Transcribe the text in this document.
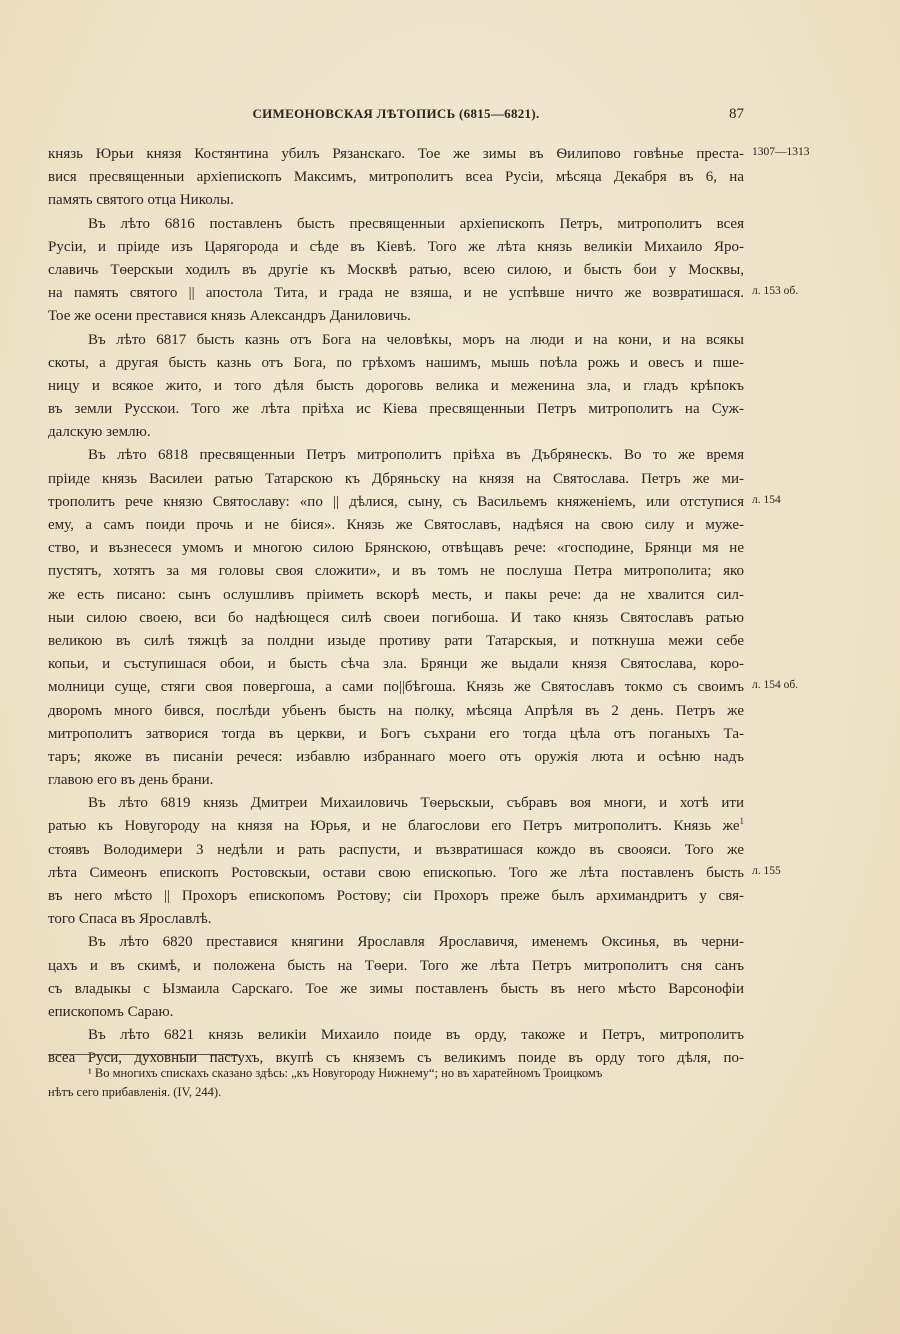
СИМЕОНОВСКАЯ ЛѢТОПИСЬ (6815—6821).	87
князь Юрьи князя Костянтина убилъ Рязанскаго. Тое же зимы въ Ѳилипово говѣнье преста-
вися пресвященныи архіепископъ Максимъ, митрополитъ всеа Русіи, мѣсяца Декабря въ 6, на
память святого отца Николы.
Въ лѣто 6816 поставленъ бысть пресвященныи архіепископъ Петръ, митрополитъ всея
Русіи, и пріиде изъ Царягорода и сѣде въ Кіевѣ. Того же лѣта князь великіи Михаило Яро-
славичь Тѳерскыи ходилъ въ другіе къ Москвѣ ратью, всею силою, и бысть бои у Москвы,
на память святого || апостола Тита, и града не взяша, и не успѣвше ничто же возвратишася.
Тое же осени преставися князь Александръ Даниловичь.
Въ лѣто 6817 бысть казнь отъ Бога на человѣкы, моръ на люди и на кони, и на всякы
скоты, а другая бысть казнь отъ Бога, по грѣхомъ нашимъ, мышь поѣла рожь и овесъ и пше-
ницу и всякое жито, и того дѣля бысть дороговь велика и меженина зла, и гладъ крѣпокъ
въ земли Русскои. Того же лѣта пріѣха ис Кіева пресвященныи Петръ митрополитъ на Суж-
далскую землю.
Въ лѣто 6818 пресвященныи Петръ митрополитъ пріѣха въ Дъбрянескъ. Во то же время
пріиде князь Василеи ратью Татарскою къ Дбряньску на князя на Святослава. Петръ же ми-
трополитъ рече князю Святославу: «по || дѣлися, сыну, съ Васильемъ княженіемъ, или отступися
ему, а самъ поиди прочь и не біися». Князь же Святославъ, надѣяся на свою силу и муже-
ство, и възнесеся умомъ и многою силою Брянскою, отвѣщавъ рече: «господине, Брянци мя не
пустятъ, хотятъ за мя головы своя сложити», и въ томъ не послуша Петра митрополита; яко
же есть писано: сынъ ослушливъ пріиметь вскорѣ месть, и пакы рече: да не хвалится сил-
ныи силою своею, вси бо надѣющеся силѣ своеи погибоша. И тако князь Святославъ ратью
великою въ силѣ тяжцѣ за полдни изыде противу рати Татарскыя, и поткнуша межи себе
копьи, и съступишася обои, и бысть сѣча зла. Брянци же выдали князя Святослава, коро-
молници суще, стяги своя повергоша, а сами по||бѣгоша. Князь же Святославъ токмо съ своимъ
дворомъ много бився, послѣди убьенъ бысть на полку, мѣсяца Апрѣля въ 2 день. Петръ же
митрополитъ затворися тогда въ церкви, и Богъ съхрани его тогда цѣла отъ поганыхъ Та-
таръ; якоже въ писаніи речеся: избавлю избраннаго моего отъ оружія люта и осѣню надъ
главою его въ день брани.
Въ лѣто 6819 князь Дмитреи Михаиловичь Тѳерьскыи, събравъ воя многи, и хотѣ ити
ратью къ Новугороду на князя на Юрья, и не благослови его Петръ митрополитъ. Князь $же^1$
стоявъ Володимери 3 недѣли и рать распусти, и възвратишася кождо въ своояси. Того же
лѣта Симеонъ епископъ Ростовскыи, остави свою епископью. Того же лѣта поставленъ бысть
въ него мѣсто || Прохоръ епископомъ Ростову; сіи Прохоръ преже былъ архимандритъ у свя-
того Спаса въ Ярославлѣ.
Въ лѣто 6820 преставися княгини Ярославля Ярославичя, именемъ Оксинья, въ черни-
цахъ и въ скимѣ, и положена бысть на Тѳери. Того же лѣта Петръ митрополитъ сня санъ
съ владыкы с Ызмаила Сарскаго. Тое же зимы поставленъ бысть въ него мѣсто Варсонофіи
епископомъ Сараю.
Въ лѣто 6821 князь великіи Михаило поиде въ орду, такоже и Петръ, митрополитъ
всеа Руси, духовныи пастухъ, вкупѣ съ княземъ съ великимъ поиде въ орду того дѣля, по-
1307—1313
л. 153 об.
л. 154
л. 154 об.
л. 155
¹ Во многихъ спискахъ сказано здѣсь: „къ Новугороду Нижнему“; но въ харатейномъ Троицкомъ
нѣтъ сего прибавленія. (IV, 244).
